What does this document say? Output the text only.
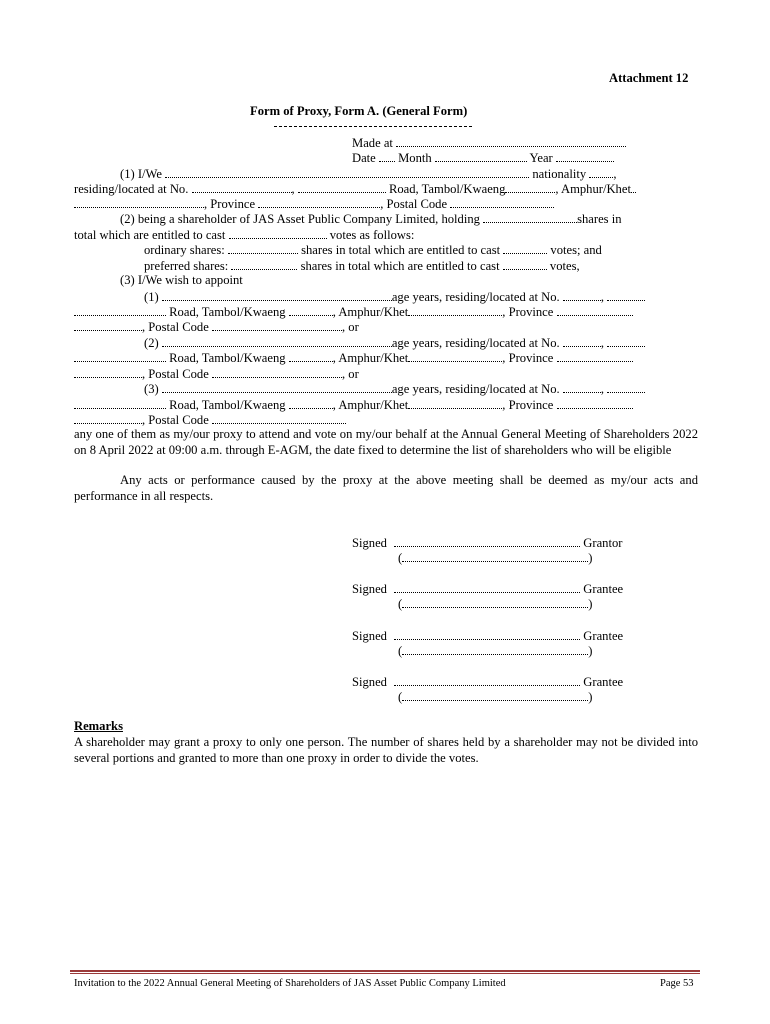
Attachment 12
Form of Proxy, Form A. (General Form)
Made at
Date Month	Year
(1) I/We	nationality ,
residing/located at No.	,	Road, Tambol/Kwaeng	, Amphur/Khet
, Province	, Postal Code
(2) being a shareholder of JAS Asset Public Company Limited, holding	shares in
total which are entitled to cast	votes as follows:
ordinary shares:	shares in total which are entitled to cast	votes; and
preferred shares:	shares in total which are entitled to cast	votes,
(3) I/We wish to appoint
(1)	age years, residing/located at No.	,
Road, Tambol/Kwaeng	, Amphur/Khet	, Province
, Postal Code	, or
(2)	age years, residing/located at No.	,
Road, Tambol/Kwaeng	, Amphur/Khet	, Province
, Postal Code	, or
(3)	age years, residing/located at No.	,
Road, Tambol/Kwaeng	, Amphur/Khet	, Province
, Postal Code
any one of them as my/our proxy to attend and vote on my/our behalf at the Annual General Meeting of Shareholders 2022 on 8 April 2022 at 09:00 a.m. through E-AGM, the date fixed to determine the list of shareholders who will be eligible
Any acts or performance caused by the proxy at the above meeting shall be deemed as my/our acts and performance in all respects.
Signed	Grantor
(	)
Signed	Grantee
(	)
Signed	Grantee
(	)
Signed	Grantee
(	)
Remarks
A shareholder may grant a proxy to only one person. The number of shares held by a shareholder may not be divided into several portions and granted to more than one proxy in order to divide the votes.
Invitation to the 2022 Annual General Meeting of Shareholders of JAS Asset Public Company Limited	Page 53
